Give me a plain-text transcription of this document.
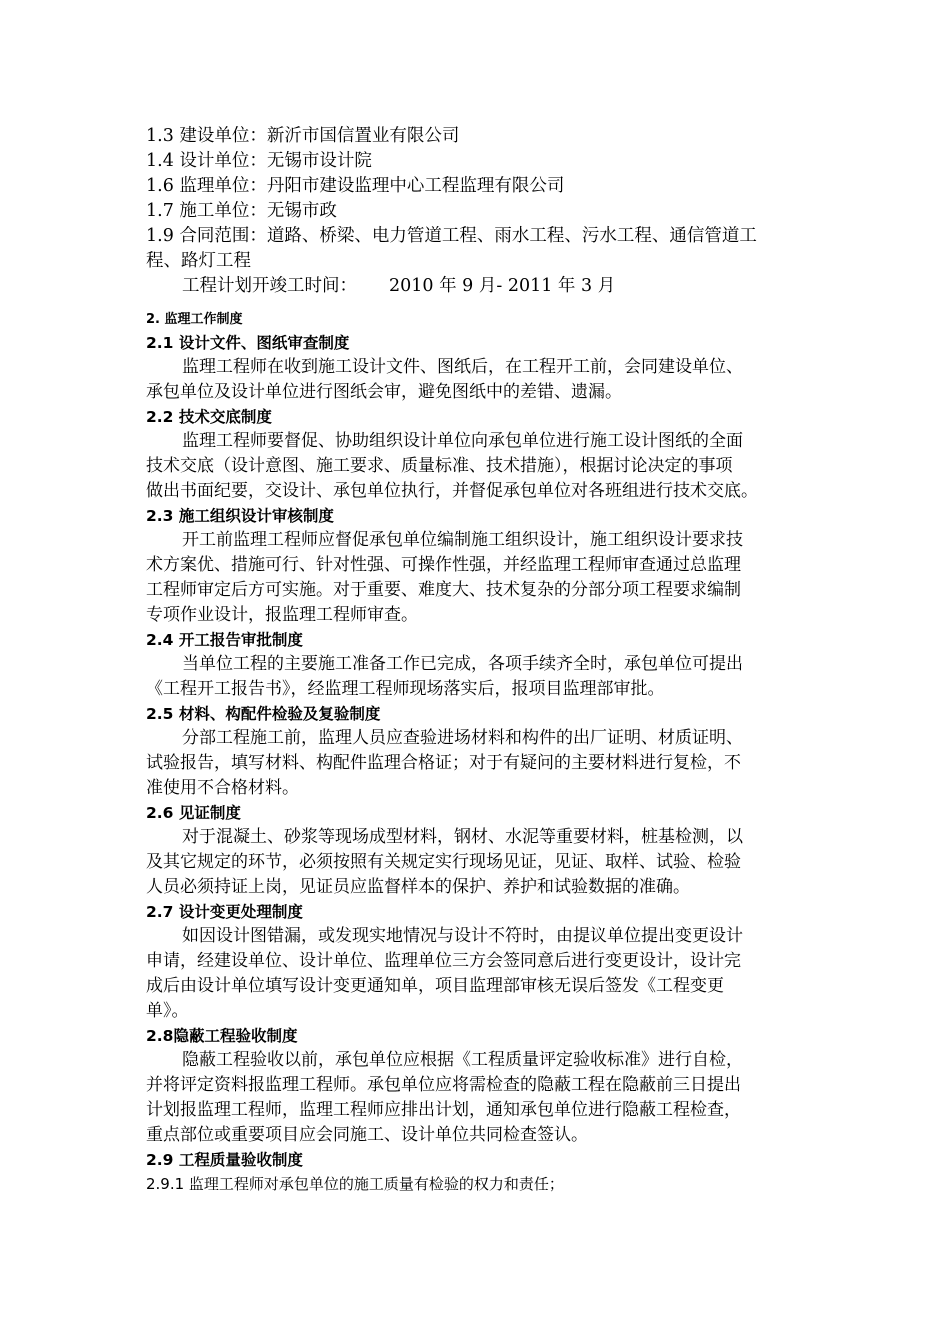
1.3 建设单位：新沂市国信置业有限公司
1.4 设计单位：无锡市设计院
1.6 监理单位：丹阳市建设监理中心工程监理有限公司
1.7 施工单位：无锡市政
1.9 合同范围：道路、桥梁、电力管道工程、雨水工程、污水工程、通信管道工
程、路灯工程
工程计划开竣工时间： 2010 年 9 月- 2011 年 3 月
2. 监理工作制度
2.1 设计文件、图纸审查制度
监理工程师在收到施工设计文件、图纸后，在工程开工前，会同建设单位、
承包单位及设计单位进行图纸会审，避免图纸中的差错、遗漏。
2.2 技术交底制度
监理工程师要督促、协助组织设计单位向承包单位进行施工设计图纸的全面
技术交底（设计意图、施工要求、质量标准、技术措施），根据讨论决定的事项
做出书面纪要，交设计、承包单位执行，并督促承包单位对各班组进行技术交底。
2.3 施工组织设计审核制度
开工前监理工程师应督促承包单位编制施工组织设计，施工组织设计要求技
术方案优、措施可行、针对性强、可操作性强，并经监理工程师审查通过总监理
工程师审定后方可实施。对于重要、难度大、技术复杂的分部分项工程要求编制
专项作业设计，报监理工程师审查。
2.4 开工报告审批制度
当单位工程的主要施工准备工作已完成，各项手续齐全时，承包单位可提出
《工程开工报告书》，经监理工程师现场落实后，报项目监理部审批。
2.5 材料、构配件检验及复验制度
分部工程施工前，监理人员应查验进场材料和构件的出厂证明、材质证明、
试验报告，填写材料、构配件监理合格证；对于有疑问的主要材料进行复检，不
准使用不合格材料。
2.6 见证制度
对于混凝土、砂浆等现场成型材料，钢材、水泥等重要材料，桩基检测，以
及其它规定的环节，必须按照有关规定实行现场见证，见证、取样、试验、检验
人员必须持证上岗，见证员应监督样本的保护、养护和试验数据的准确。
2.7 设计变更处理制度
如因设计图错漏，或发现实地情况与设计不符时，由提议单位提出变更设计
申请，经建设单位、设计单位、监理单位三方会签同意后进行变更设计，设计完
成后由设计单位填写设计变更通知单，项目监理部审核无误后签发《工程变更
单》。
2.8隐蔽工程验收制度
隐蔽工程验收以前，承包单位应根据《工程质量评定验收标准》进行自检，
并将评定资料报监理工程师。承包单位应将需检查的隐蔽工程在隐蔽前三日提出
计划报监理工程师，监理工程师应排出计划，通知承包单位进行隐蔽工程检查，
重点部位或重要项目应会同施工、设计单位共同检查签认。
2.9 工程质量验收制度
2.9.1 监理工程师对承包单位的施工质量有检验的权力和责任；
